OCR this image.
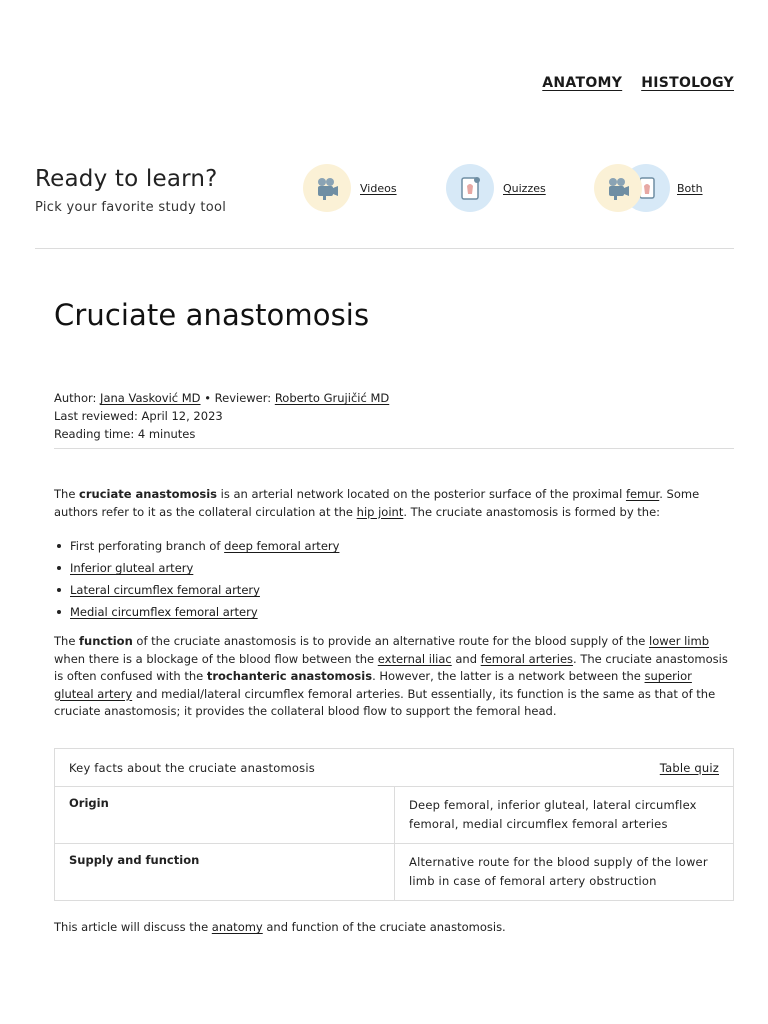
ANATOMY HISTOLOGY
Ready to learn?

Pick your favorite study tool

Videos	Quizzes	Both
Cruciate anastomosis
Author: Jana Vasković MD • Reviewer: Roberto Grujičić MD
Last reviewed: April 12, 2023
Reading time: 4 minutes

The cruciate anastomosis is an arterial network located on the posterior surface of the proximal femur. Some authors refer to it as the collateral circulation at the hip joint. The cruciate anastomosis is formed by the:

First perforating branch of deep femoral artery
Inferior gluteal artery
Lateral circumflex femoral artery
Medial circumflex femoral artery

The function of the cruciate anastomosis is to provide an alternative route for the blood supply of the lower limb when there is a blockage of the blood flow between the external iliac and femoral arteries. The cruciate anastomosis is often confused with the trochanteric anastomosis. However, the latter is a network between the superior gluteal artery and medial/lateral circumflex femoral arteries. But essentially, its function is the same as that of the cruciate anastomosis; it provides the collateral blood flow to support the femoral head.

Key facts about the cruciate anastomosis	Table quiz
Origin	Deep femoral, inferior gluteal, lateral circumflex femoral, medial circumflex femoral arteries
Supply and function	Alternative route for the blood supply of the lower limb in case of femoral artery obstruction

This article will discuss the anatomy and function of the cruciate anastomosis.
